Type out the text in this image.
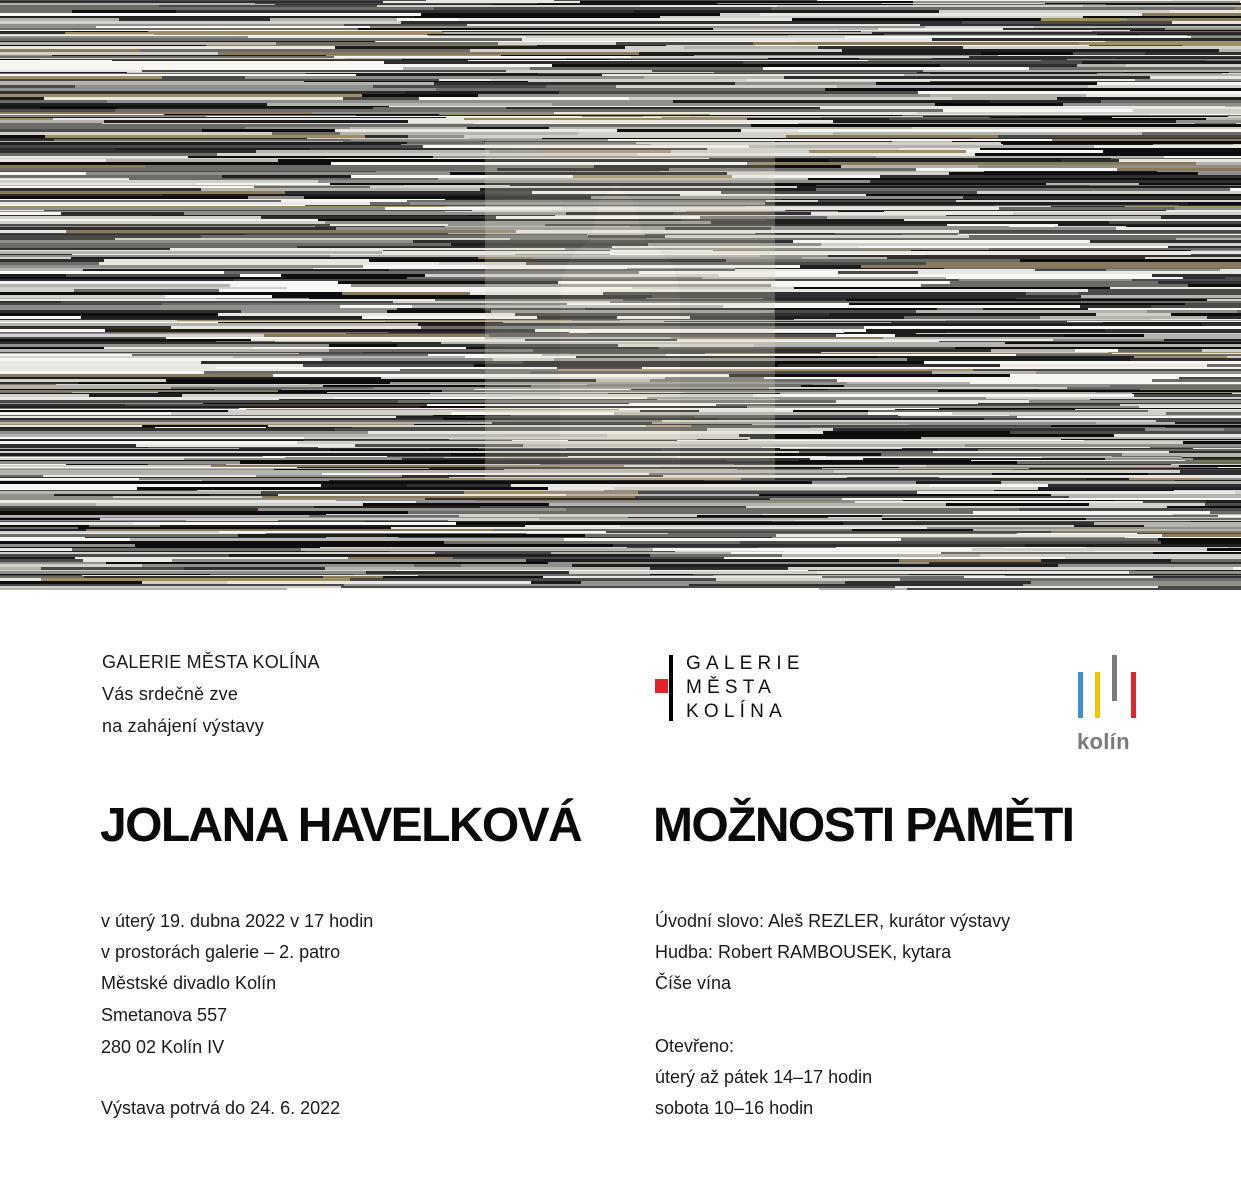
GALERIE MĚSTA KOLÍNA
Vás srdečně zve
na zahájení výstavy
GALERIE
MĚSTA
KOLÍNA
kolín
JOLANA HAVELKOVÁ MOŽNOSTI PAMĚTI
v úterý 19. dubna 2022 v 17 hodin
v prostorách galerie – 2. patro
Městské divadlo Kolín
Smetanova 557
280 02 Kolín IV
Výstava potrvá do 24. 6. 2022
Úvodní slovo: Aleš REZLER, kurátor výstavy
Hudba: Robert RAMBOUSEK, kytara
Číše vína
Otevřeno:
úterý až pátek 14–17 hodin
sobota 10–16 hodin
